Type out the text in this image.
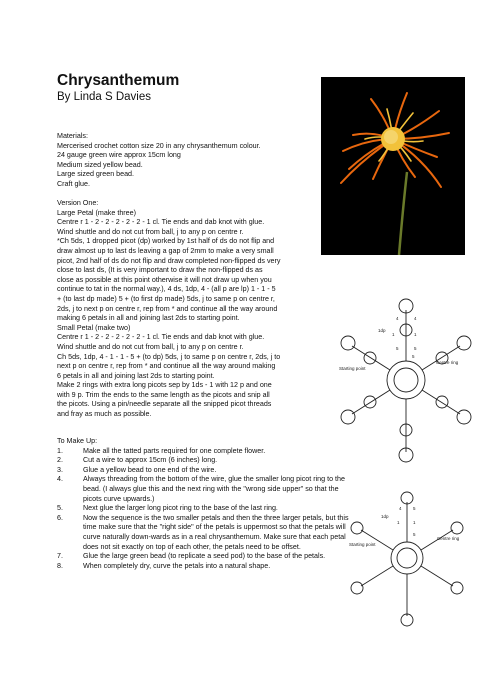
Chrysanthemum
By Linda S Davies

Materials:

Mercerised crochet cotton size 20 in any chrysanthemum colour.

24 gauge green wire approx 15cm long

Medium sized yellow bead.

Large sized green bead.

Craft glue.

Version One:

Large Petal (make three)

Centre r 1 - 2 - 2 - 2 - 2 - 2 - 1 cl. Tie ends and dab knot with glue.

Wind shuttle and do not cut from ball, j to any p on centre r.

*Ch 5ds, 1 dropped picot (dp) worked by 1st half of ds do not flip and

draw almost up to last ds leaving a gap of 2mm to make a very small

picot, 2nd half of ds do not flip and draw completed non-flipped ds very

close to last ds, (It is very important to draw the non-flipped ds as

close as possible at this point otherwise it will not draw up when you

continue to tat in the normal way.), 4 ds, 1dp, 4 - (all p are lp) 1 - 1 - 5

+ (to last dp made) 5 + (to first dp made) 5ds, j to same p on centre r,

2ds, j to next p on centre r, rep from * and continue all the way around

making 6 petals in all and joining last 2ds to starting point.

Small Petal (make two)

Centre r 1 - 2 - 2 - 2 - 2 - 2 - 1 cl. Tie ends and dab knot with glue.

Wind shuttle and do not cut from ball, j to any p on centre r.

Ch 5ds, 1dp, 4 - 1 - 1 - 5 + (to dp) 5ds, j to same p on centre r, 2ds, j to

next p on centre r, rep from * and continue all the way around making

6 petals in all and joining last 2ds to starting point.

Make 2 rings with extra long picots sep by 1ds - 1 with 12 p and one

with 9 p. Trim the ends to the same length as the picots and snip all

the picots. Using a pin/needle separate all the snipped picot threads

and fray as much as possible.

To Make Up:

1.	Make all the tatted parts required for one complete flower.
2.	Cut a wire to approx 15cm (6 inches) long.
3.	Glue a yellow bead to one end of the wire.
4.	Always threading from the bottom of the wire, glue the smaller long picot ring to the bead. (I always glue this and the next ring with the "wrong side upper" so that the picots curve upwards.)
5.	Next glue the larger long picot ring to the base of the last ring.
6.	Now the sequence is the two smaller petals and then the three larger petals, but this time make sure that the "right side" of the petals is uppermost so that the petals will curve naturally down-wards as in a real chrysanthemum. Make sure that each petal does not sit exactly on top of each other, the petals need to be offset.
7.	Glue the large green bead (to replicate a seed pod) to the base of the petals.
8.	When completely dry, curve the petals into a natural shape.
1dp
Starting point
Centre ring
4
1	1
4
5	5
5
1dp
Starting point
Centre ring
4
1	1
5
5
